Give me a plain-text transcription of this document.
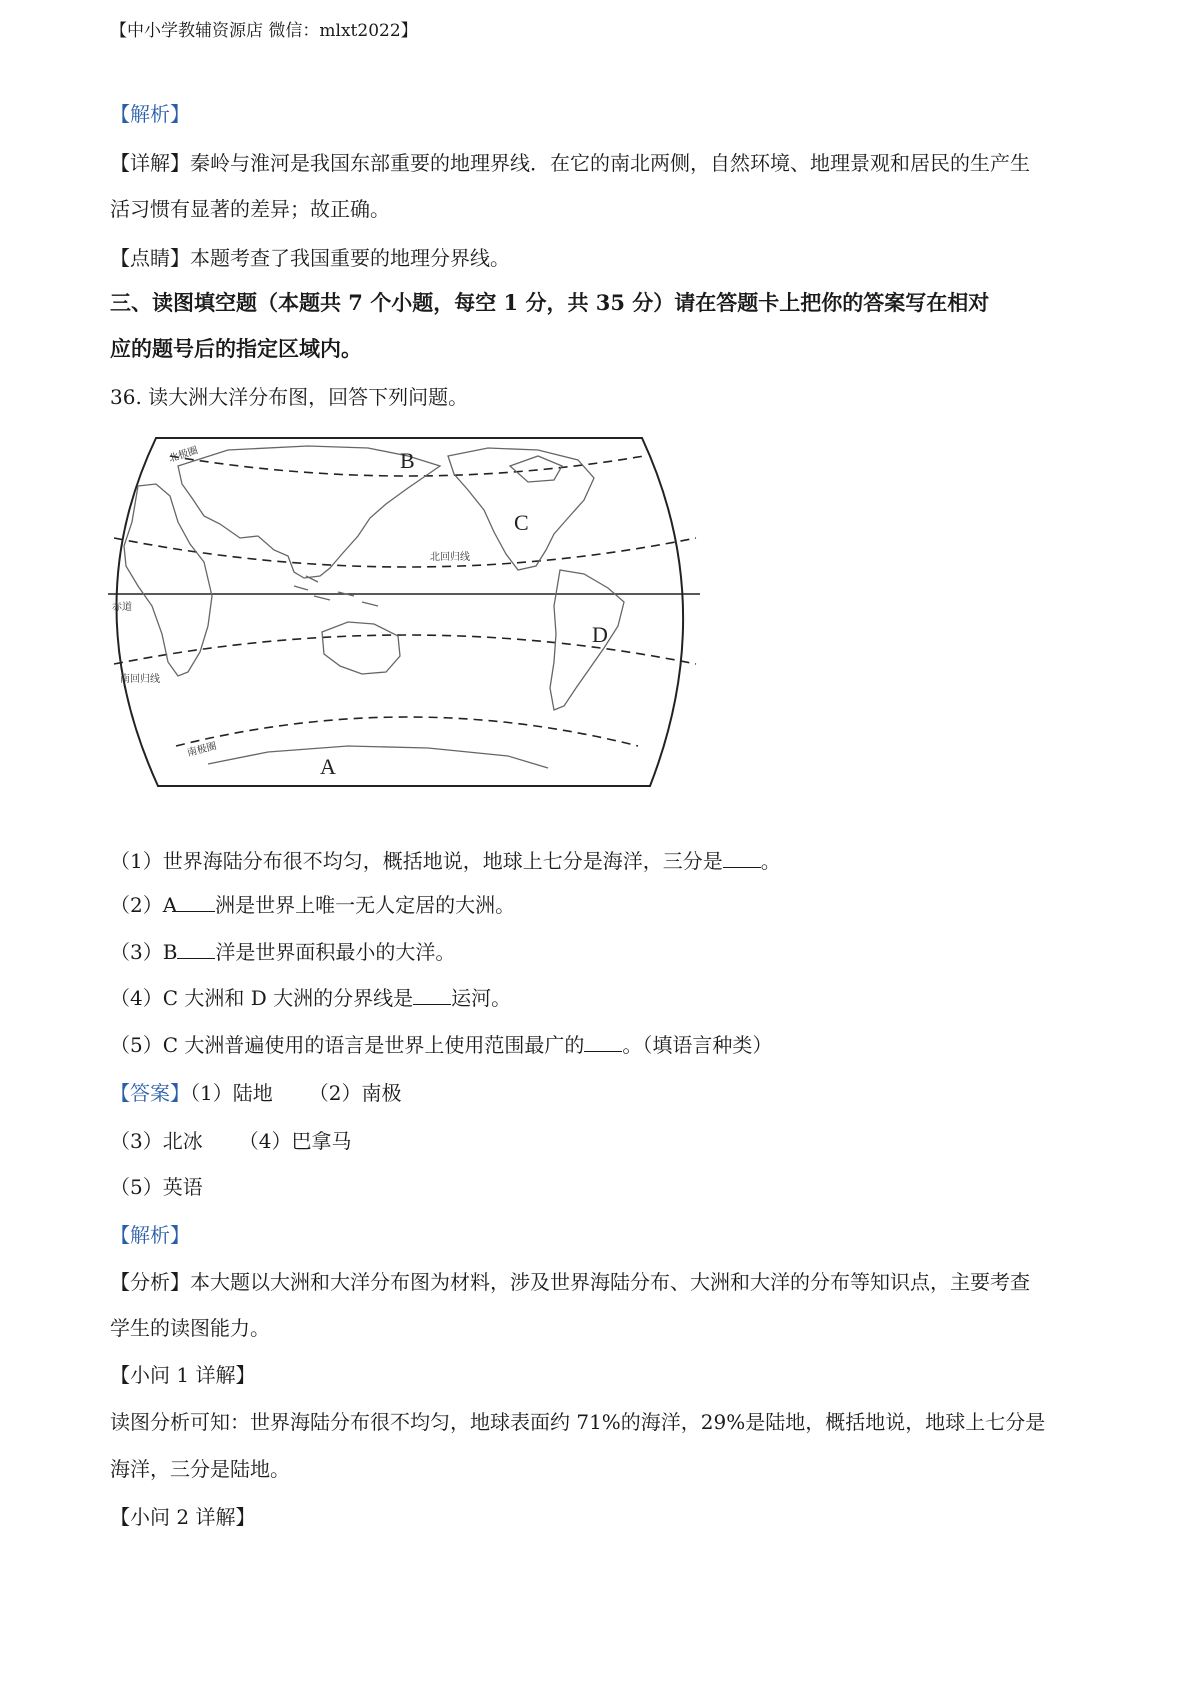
【中小学教辅资源店 微信：mlxt2022】
【解析】
【详解】秦岭与淮河是我国东部重要的地理界线．在它的南北两侧，自然环境、地理景观和居民的生产生
活习惯有显著的差异；故正确。
【点睛】本题考查了我国重要的地理分界线。
三、读图填空题（本题共 7 个小题，每空 1 分，共 35 分）请在答题卡上把你的答案写在相对
应的题号后的指定区域内。
36. 读大洲大洋分布图，回答下列问题。
A
B
C
D
北极圈
北回归线
赤道
南回归线
南极圈
（1）世界海陆分布很不均匀，概括地说，地球上七分是海洋，三分是 。
（2）A 洲是世界上唯一无人定居的大洲。
（3）B 洋是世界面积最小的大洋。
（4）C 大洲和 D 大洲的分界线是 运河。
（5）C 大洲普遍使用的语言是世界上使用范围最广的 。（填语言种类）
【答案】（1）陆地 （2）南极
（3）北冰 （4）巴拿马
（5）英语
【解析】
【分析】本大题以大洲和大洋分布图为材料，涉及世界海陆分布、大洲和大洋的分布等知识点，主要考查
学生的读图能力。
【小问 1 详解】
读图分析可知：世界海陆分布很不均匀，地球表面约 71%的海洋，29%是陆地，概括地说，地球上七分是
海洋，三分是陆地。
【小问 2 详解】
